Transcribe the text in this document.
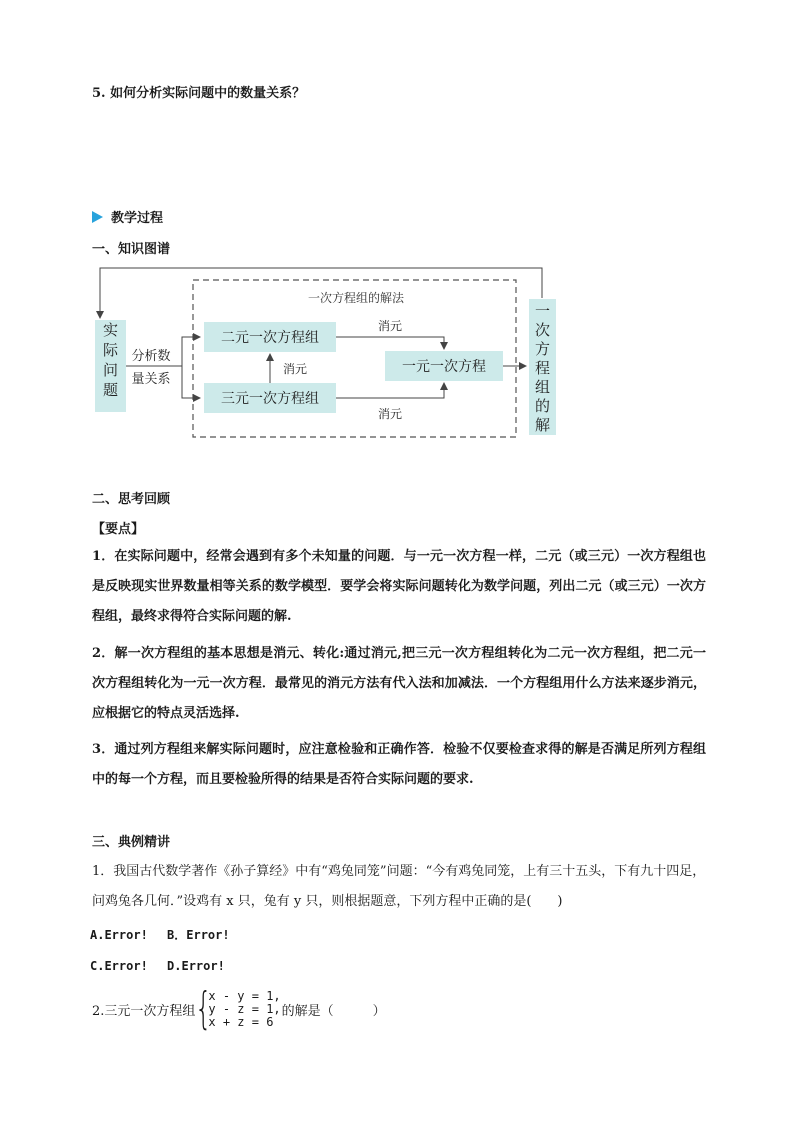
5. 如何分析实际问题中的数量关系？
教学过程
一、知识图谱
一次方程组的解法
实际问题
分析数
量关系
二元一次方程组
三元一次方程组
消元	一元一次方程
消元
消元
一次方程组的解
二、思考回顾
【要点】
1．在实际问题中，经常会遇到有多个未知量的问题．与一元一次方程一样，二元（或三元）一次方程组也是反映现实世界数量相等关系的数学模型．要学会将实际问题转化为数学问题，列出二元（或三元）一次方程组，最终求得符合实际问题的解.
2．解一次方程组的基本思想是消元、转化:通过消元,把三元一次方程组转化为二元一次方程组，把二元一次方程组转化为一元一次方程．最常见的消元方法有代入法和加减法．一个方程组用什么方法来逐步消元，应根据它的特点灵活选择.
3．通过列方程组来解实际问题时，应注意检验和正确作答．检验不仅要检查求得的解是否满足所列方程组中的每一个方程，而且要检验所得的结果是否符合实际问题的要求.
三、典例精讲
1．我国古代数学著作《孙子算经》中有“鸡兔同笼”问题：“今有鸡兔同笼，上有三十五头，下有九十四足，问鸡兔各几何．”设鸡有 x 只，兔有 y 只，则根据题意，下列方程中正确的是(　　)
A.Error!　 B．Error!
C.Error!　 D.Error!
2.三元一次方程组 {
x - y = 1,
y - z = 1,
x + z = 6
的解是（　　　）
